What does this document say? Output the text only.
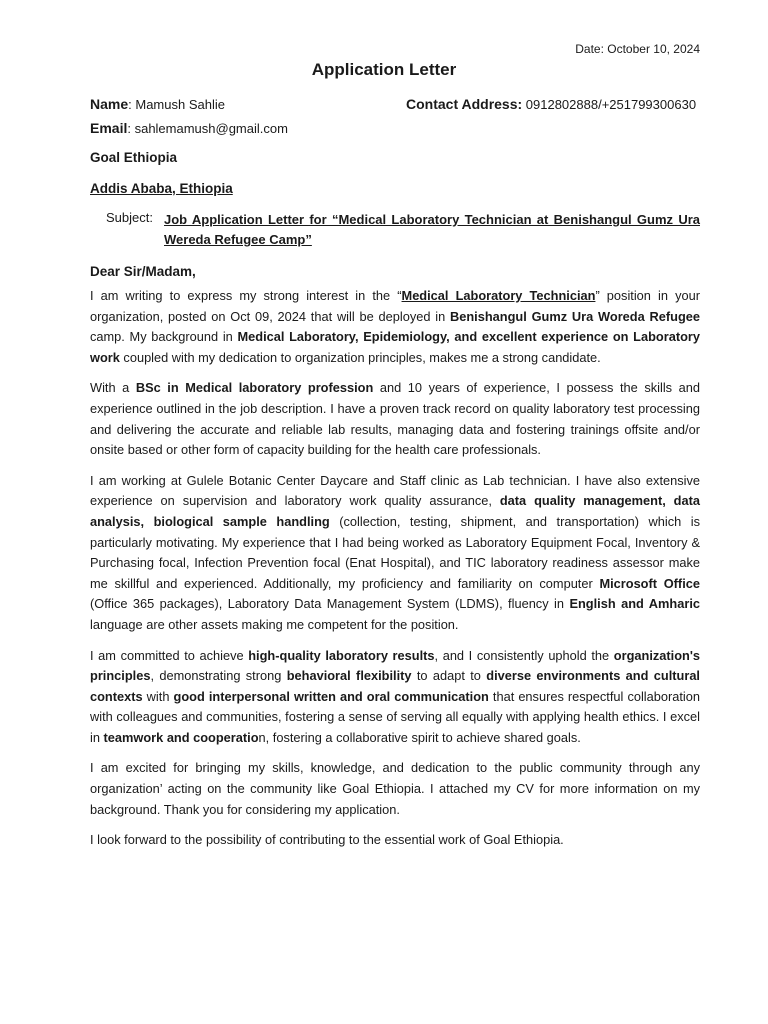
Date: October 10, 2024
Application Letter
Name: Mamush Sahlie	Contact Address: 0912802888/+251799300630
Email: sahlemamush@gmail.com
Goal Ethiopia
Addis Ababa, Ethiopia
Subject: Job Application Letter for “Medical Laboratory Technician at Benishangul Gumz Ura Wereda Refugee Camp”
Dear Sir/Madam,

I am writing to express my strong interest in the “Medical Laboratory Technician” position in your organization, posted on Oct 09, 2024 that will be deployed in Benishangul Gumz Ura Woreda Refugee camp. My background in Medical Laboratory, Epidemiology, and excellent experience on Laboratory work coupled with my dedication to organization principles, makes me a strong candidate.

With a BSc in Medical laboratory profession and 10 years of experience, I possess the skills and experience outlined in the job description. I have a proven track record on quality laboratory test processing and delivering the accurate and reliable lab results, managing data and fostering trainings offsite and/or onsite based or other form of capacity building for the health care professionals.

I am working at Gulele Botanic Center Daycare and Staff clinic as Lab technician. I have also extensive experience on supervision and laboratory work quality assurance, data quality management, data analysis, biological sample handling (collection, testing, shipment, and transportation) which is particularly motivating. My experience that I had being worked as Laboratory Equipment Focal, Inventory & Purchasing focal, Infection Prevention focal (Enat Hospital), and TIC laboratory readiness assessor make me skillful and experienced. Additionally, my proficiency and familiarity on computer Microsoft Office (Office 365 packages), Laboratory Data Management System (LDMS), fluency in English and Amharic language are other assets making me competent for the position.

I am committed to achieve high-quality laboratory results, and I consistently uphold the organization's principles, demonstrating strong behavioral flexibility to adapt to diverse environments and cultural contexts with good interpersonal written and oral communication that ensures respectful collaboration with colleagues and communities, fostering a sense of serving all equally with applying health ethics. I excel in teamwork and cooperation, fostering a collaborative spirit to achieve shared goals.

I am excited for bringing my skills, knowledge, and dedication to the public community through any organization’ acting on the community like Goal Ethiopia. I attached my CV for more information on my background. Thank you for considering my application.

I look forward to the possibility of contributing to the essential work of Goal Ethiopia.
